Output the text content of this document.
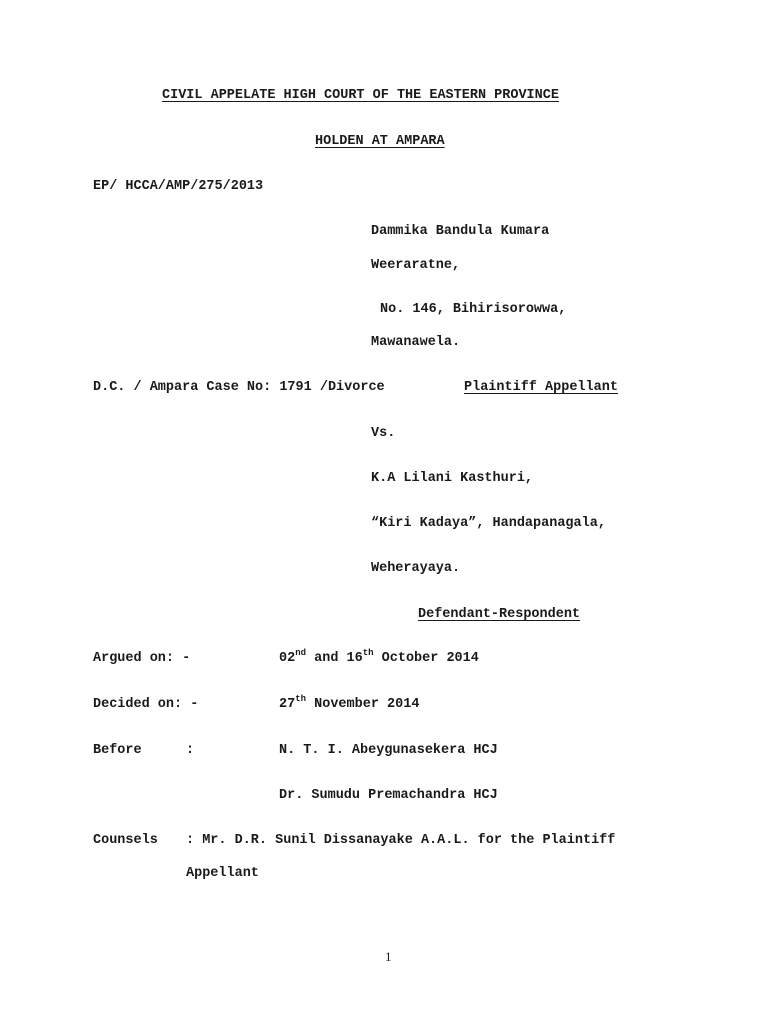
CIVIL APPELATE HIGH COURT OF THE EASTERN PROVINCE
HOLDEN AT AMPARA
EP/ HCCA/AMP/275/2013
Dammika Bandula Kumara
Weeraratne,
No. 146, Bihirisorowwa,
Mawanawela.
D.C. / Ampara Case No: 1791 /Divorce	Plaintiff Appellant
Vs.
K.A Lilani Kasthuri,
“Kiri Kadaya”, Handapanagala,
Weherayaya.
Defendant-Respondent
Argued on: -	02nd and 16th October 2014
Decided on: -	27th November 2014
Before	:	N. T. I. Abeygunasekera HCJ
Dr. Sumudu Premachandra HCJ
Counsels : Mr. D.R. Sunil Dissanayake A.A.L. for the Plaintiff
Appellant
1
